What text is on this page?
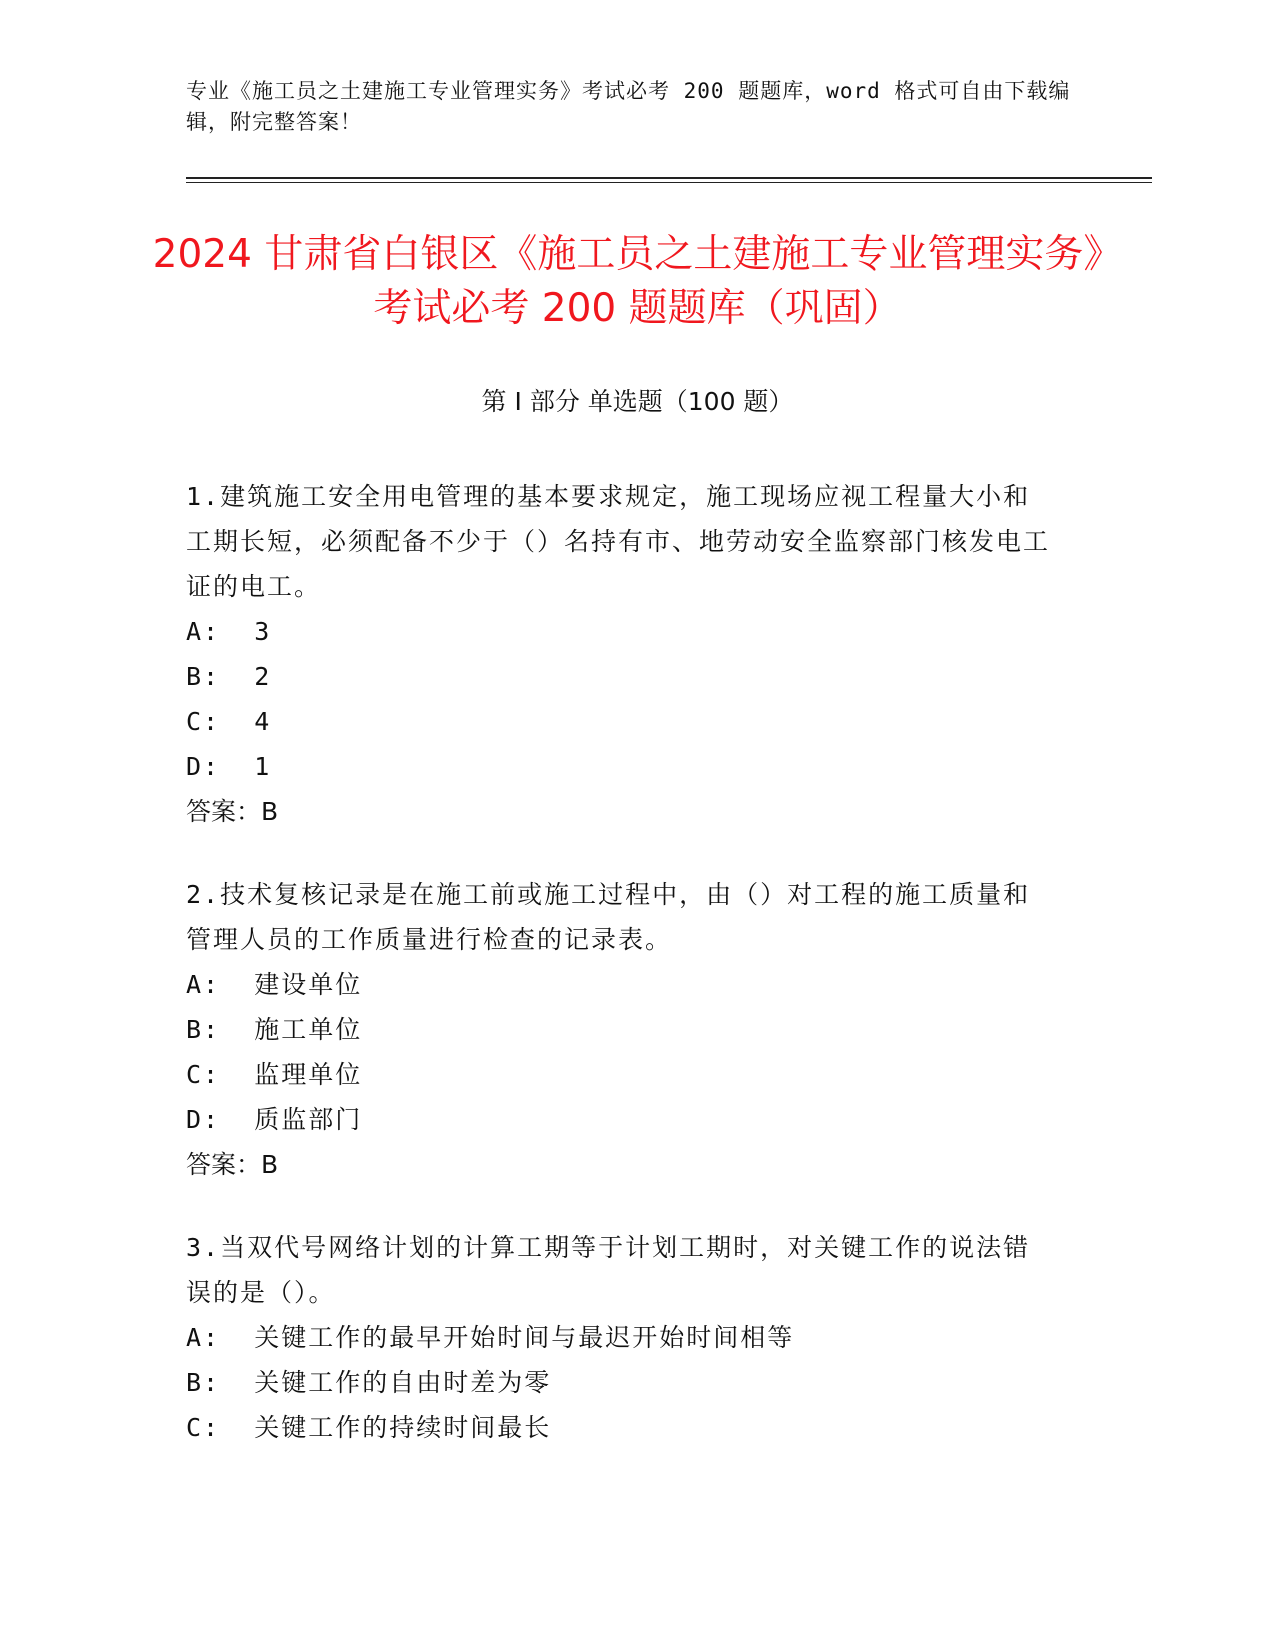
专业《施工员之土建施工专业管理实务》考试必考 200 题题库，word 格式可自由下载编辑，附完整答案！
2024 甘肃省白银区《施工员之土建施工专业管理实务》考试必考 200 题题库（巩固）
第 I 部分 单选题（100 题）
1.建筑施工安全用电管理的基本要求规定，施工现场应视工程量大小和工期长短，必须配备不少于（）名持有市、地劳动安全监察部门核发电工证的电工。
A:  3
B:  2
C:  4
D:  1
答案：B
2.技术复核记录是在施工前或施工过程中，由（）对工程的施工质量和管理人员的工作质量进行检查的记录表。
A:  建设单位
B:  施工单位
C:  监理单位
D:  质监部门
答案：B
3.当双代号网络计划的计算工期等于计划工期时，对关键工作的说法错误的是（）。
A:  关键工作的最早开始时间与最迟开始时间相等
B:  关键工作的自由时差为零
C:  关键工作的持续时间最长
